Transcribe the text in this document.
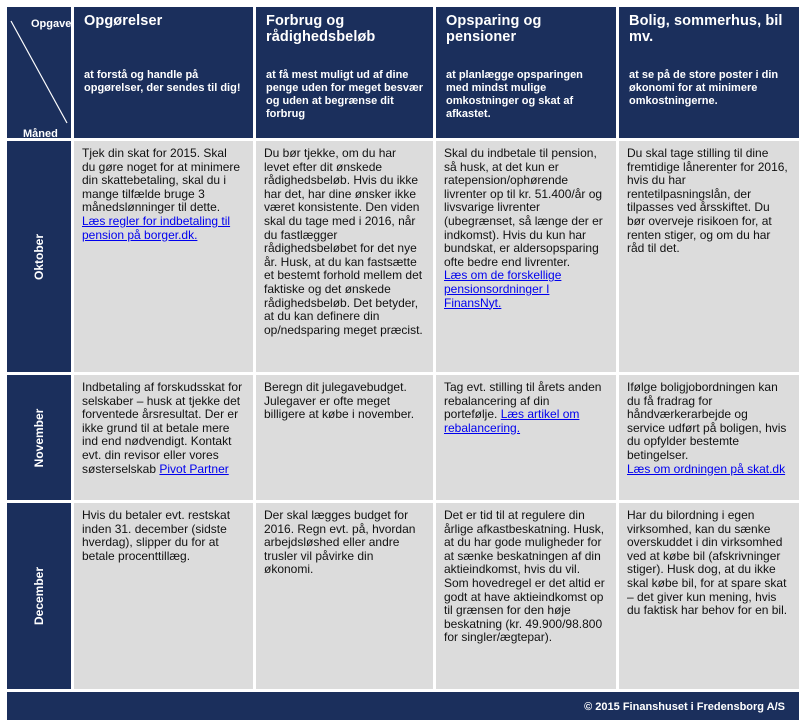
Opgave
Måned
Opgørelser
at forstå og handle på opgørelser, der sendes til dig!
Forbrug og rådighedsbeløb
at få mest muligt ud af dine penge uden for meget besvær og uden at begrænse dit forbrug
Opsparing og pensioner
at planlægge opsparingen med mindst mulige omkostninger og skat af afkastet.
Bolig, sommerhus, bil mv.
at se på de store poster i din økonomi for at minimere omkostningerne.
Oktober
Tjek din skat for 2015. Skal du gøre noget for at minimere din skattebetaling, skal du i mange tilfælde bruge 3 månedslønninger til dette.
Læs regler for indbetaling til pension på borger.dk.
Du bør tjekke, om du har levet efter dit ønskede rådighedsbeløb. Hvis du ikke har det, har dine ønsker ikke været konsistente. Den viden skal du tage med i 2016, når du fastlægger rådighedsbeløbet for det nye år. Husk, at du kan fastsætte et bestemt forhold mellem det faktiske og det ønskede rådighedsbeløb. Det betyder, at du kan definere din op/nedsparing meget præcist.
Skal du indbetale til pension, så husk, at det kun er ratepension/ophørende livrenter op til kr. 51.400/år og livsvarige livrenter (ubegrænset, så længe der er indkomst). Hvis du kun har bundskat, er aldersopsparing ofte bedre end livrenter.
Læs om de forskellige pensionsordninger I FinansNyt.
Du skal tage stilling til dine fremtidige lånerenter for 2016, hvis du har rentetilpasningslån, der tilpasses ved årsskiftet. Du bør overveje risikoen for, at renten stiger, og om du har råd til det.
November
Indbetaling af forskudsskat for selskaber – husk at tjekke det forventede årsresultat. Der er ikke grund til at betale mere ind end nødvendigt. Kontakt evt. din revisor eller vores søsterselskab Pivot Partner
Beregn dit julegavebudget. Julegaver er ofte meget billigere at købe i november.
Tag evt. stilling til årets anden rebalancering af din portefølje. Læs artikel om rebalancering.
Ifølge boligjobordningen kan du få fradrag for håndværkerarbejde og service udført på boligen, hvis du opfylder bestemte betingelser.
Læs om ordningen på skat.dk
December
Hvis du betaler evt. restskat inden 31. december (sidste hverdag), slipper du for at betale procenttillæg.
Der skal lægges budget for 2016. Regn evt. på, hvordan arbejdsløshed eller andre trusler vil påvirke din økonomi.
Det er tid til at regulere din årlige afkastbeskatning. Husk, at du har gode muligheder for at sænke beskatningen af din aktieindkomst, hvis du vil. Som hovedregel er det altid er godt at have aktieindkomst op til grænsen for den høje beskatning (kr. 49.900/98.800 for singler/ægtepar).
Har du bilordning i egen virksomhed, kan du sænke overskuddet i din virksomhed ved at købe bil (afskrivninger stiger). Husk dog, at du ikke skal købe bil, for at spare skat – det giver kun mening, hvis du faktisk har behov for en bil.
© 2015 Finanshuset i Fredensborg A/S
